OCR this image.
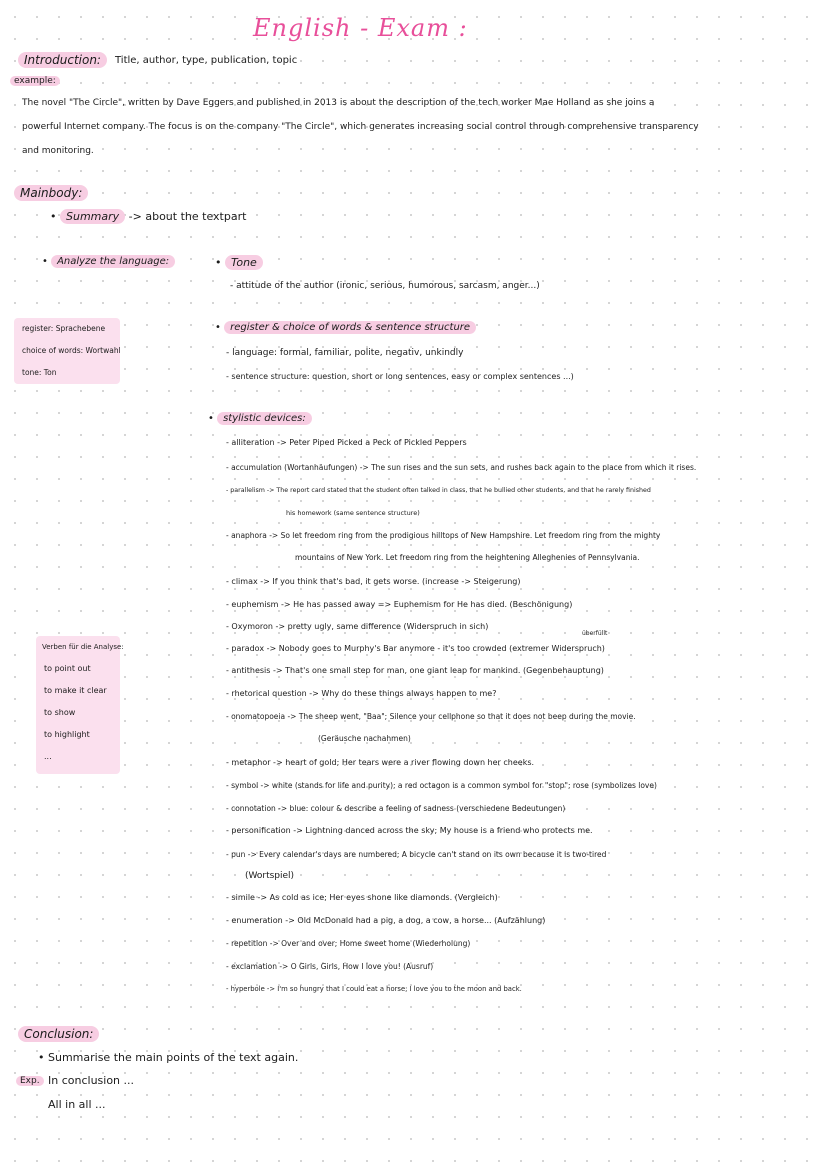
English - Exam :
Introduction:	Title, author, type, publication, topic
example:
The novel "The Circle", written by Dave Eggers and published in 2013 is about the description of the tech worker Mae Holland as she joins a
powerful Internet company. The focus is on the company "The Circle", which generates increasing social control through comprehensive transparency
and monitoring.
Mainbody:
• Summary -> about the textpart
• Analyze the language:
•	Tone
- attitude of the author (ironic, serious, humorous, sarcasm, anger...)
register: Sprachebene
choice of words: Wortwahl
tone: Ton
• register & choice of words & sentence structure
- language: formal, familiar, polite, negativ, unkindly
- sentence structure: question, short or long sentences, easy or complex sentences ...)
• stylistic devices:
- alliteration -> Peter Piped Picked a Peck of Pickled Peppers
- accumulation (Wortanhäufungen) -> The sun rises and the sun sets, and rushes back again to the place from which it rises.
- parallelism -> The report card stated that the student often talked in class, that he bullied other students, and that he rarely finished
his homework (same sentence structure)
- anaphora -> So let freedom ring from the prodigious hilltops of New Hampshire. Let freedom ring from the mighty
mountains of New York. Let freedom ring from the heightening Alleghenies of Pennsylvania.
- climax -> If you think that's bad, it gets worse. (increase -> Steigerung)
- euphemism -> He has passed away => Euphemism for He has died. (Beschönigung)
- Oxymoron -> pretty ugly, same difference (Widerspruch in sich)
überfüllt
- paradox -> Nobody goes to Murphy's Bar anymore - it's too crowded (extremer Widerspruch)
- antithesis -> That's one small step for man, one giant leap for mankind. (Gegenbehauptung)
- rhetorical question -> Why do these things always happen to me?
- onomatopoeia -> The sheep went, "Baa"; Silence your cellphone so that it does not beep during the movie.
(Geräusche nachahmen)
- metaphor -> heart of gold; Her tears were a river flowing down her cheeks.
- symbol -> white (stands for life and purity); a red octagon is a common symbol for "stop"; rose (symbolizes love)
- connotation -> blue: colour & describe a feeling of sadness (verschiedene Bedeutungen)
- personification -> Lightning danced across the sky; My house is a friend who protects me.
- pun -> Every calendar's days are numbered; A bicycle can't stand on its own because it is two-tired
(Wortspiel)
- simile -> As cold as ice; Her eyes shone like diamonds. (Vergleich)
- enumeration -> Old McDonald had a pig, a dog, a cow, a horse... (Aufzählung)
- repetition -> Over and over; Home sweet home (Wiederholung)
- exclamation -> O Girls, Girls, How I love you! (Ausruf)
- hyperbole -> I'm so hungry that I could eat a horse; I love you to the moon and back.
Verben für die Analyse:
to point out
to make it clear
to show
to highlight
...
Conclusion:
• Summarise the main points of the text again.
Exp. In conclusion ...
All in all ...
